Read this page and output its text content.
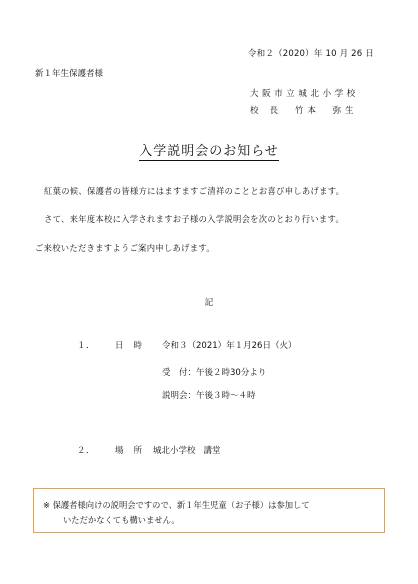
令和２（2020）年 10 月 26 日
新１年生保護者様
大阪市立城北小学校
校長 竹本　弥生
入学説明会のお知らせ
紅葉の候、保護者の皆様方にはますますご清祥のこととお喜び申しあげます。
さて、来年度本校に入学されますお子様の入学説明会を次のとおり行います。
ご来校いただきますようご案内申しあげます。
記
１． 日時 令和３（2021）年１月26日（火）
受　付：午後２時30分より
説明会：午後３時〜４時
２． 場所 城北小学校 講堂
※ 保護者様向けの説明会ですので、新１年生児童（お子様）は参加して
いただかなくても構いません。
